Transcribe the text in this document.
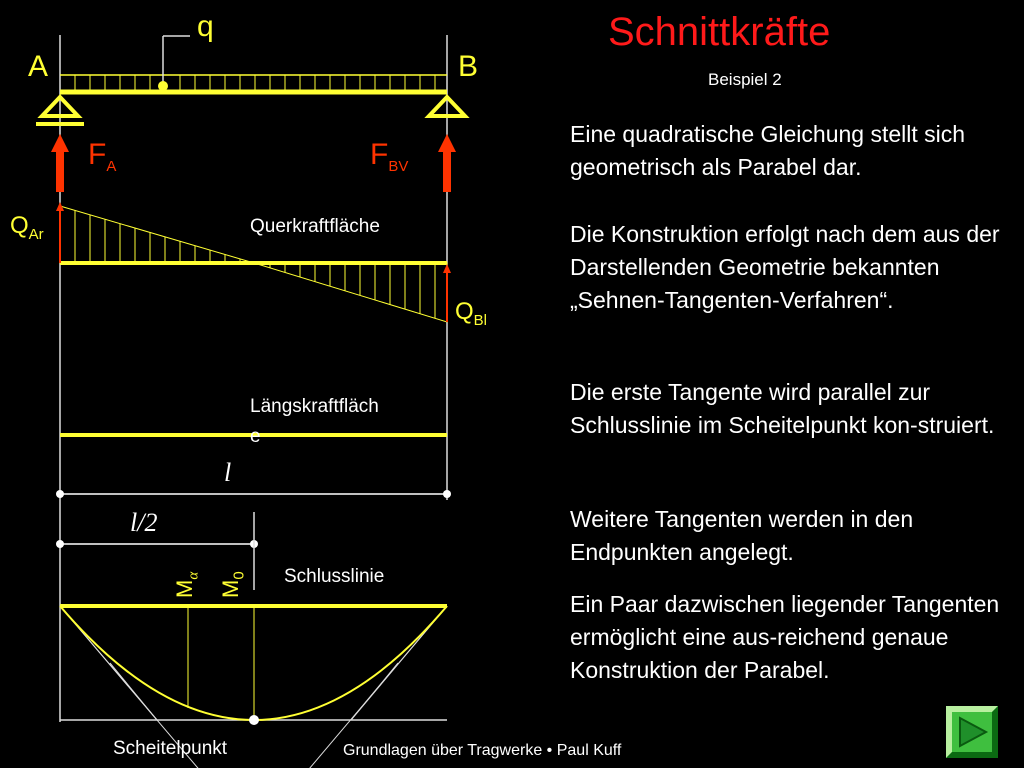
Schnittkräfte
Beispiel 2
q
A	B
$F_A$	$F_{BV}$
$Q_{Ar}$
$Q_{Bl}$
Querkraftfläche
Längskraftfläch
e
l
l/2
$M_\alpha$
$M_0$ Schlusslinie
Scheitelpunkt
Eine quadratische Gleichung stellt sich geometrisch als Parabel dar.
Die Konstruktion erfolgt nach dem aus der Darstellenden Geometrie bekannten „Sehnen-Tangenten-Verfahren“.
Die erste Tangente wird parallel zur Schlusslinie im Scheitelpunkt kon-struiert.
Weitere Tangenten werden in den Endpunkten angelegt.
Ein Paar dazwischen liegender Tangenten ermöglicht eine aus-reichend genaue Konstruktion der Parabel.
Grundlagen über Tragwerke • Paul Kuff
